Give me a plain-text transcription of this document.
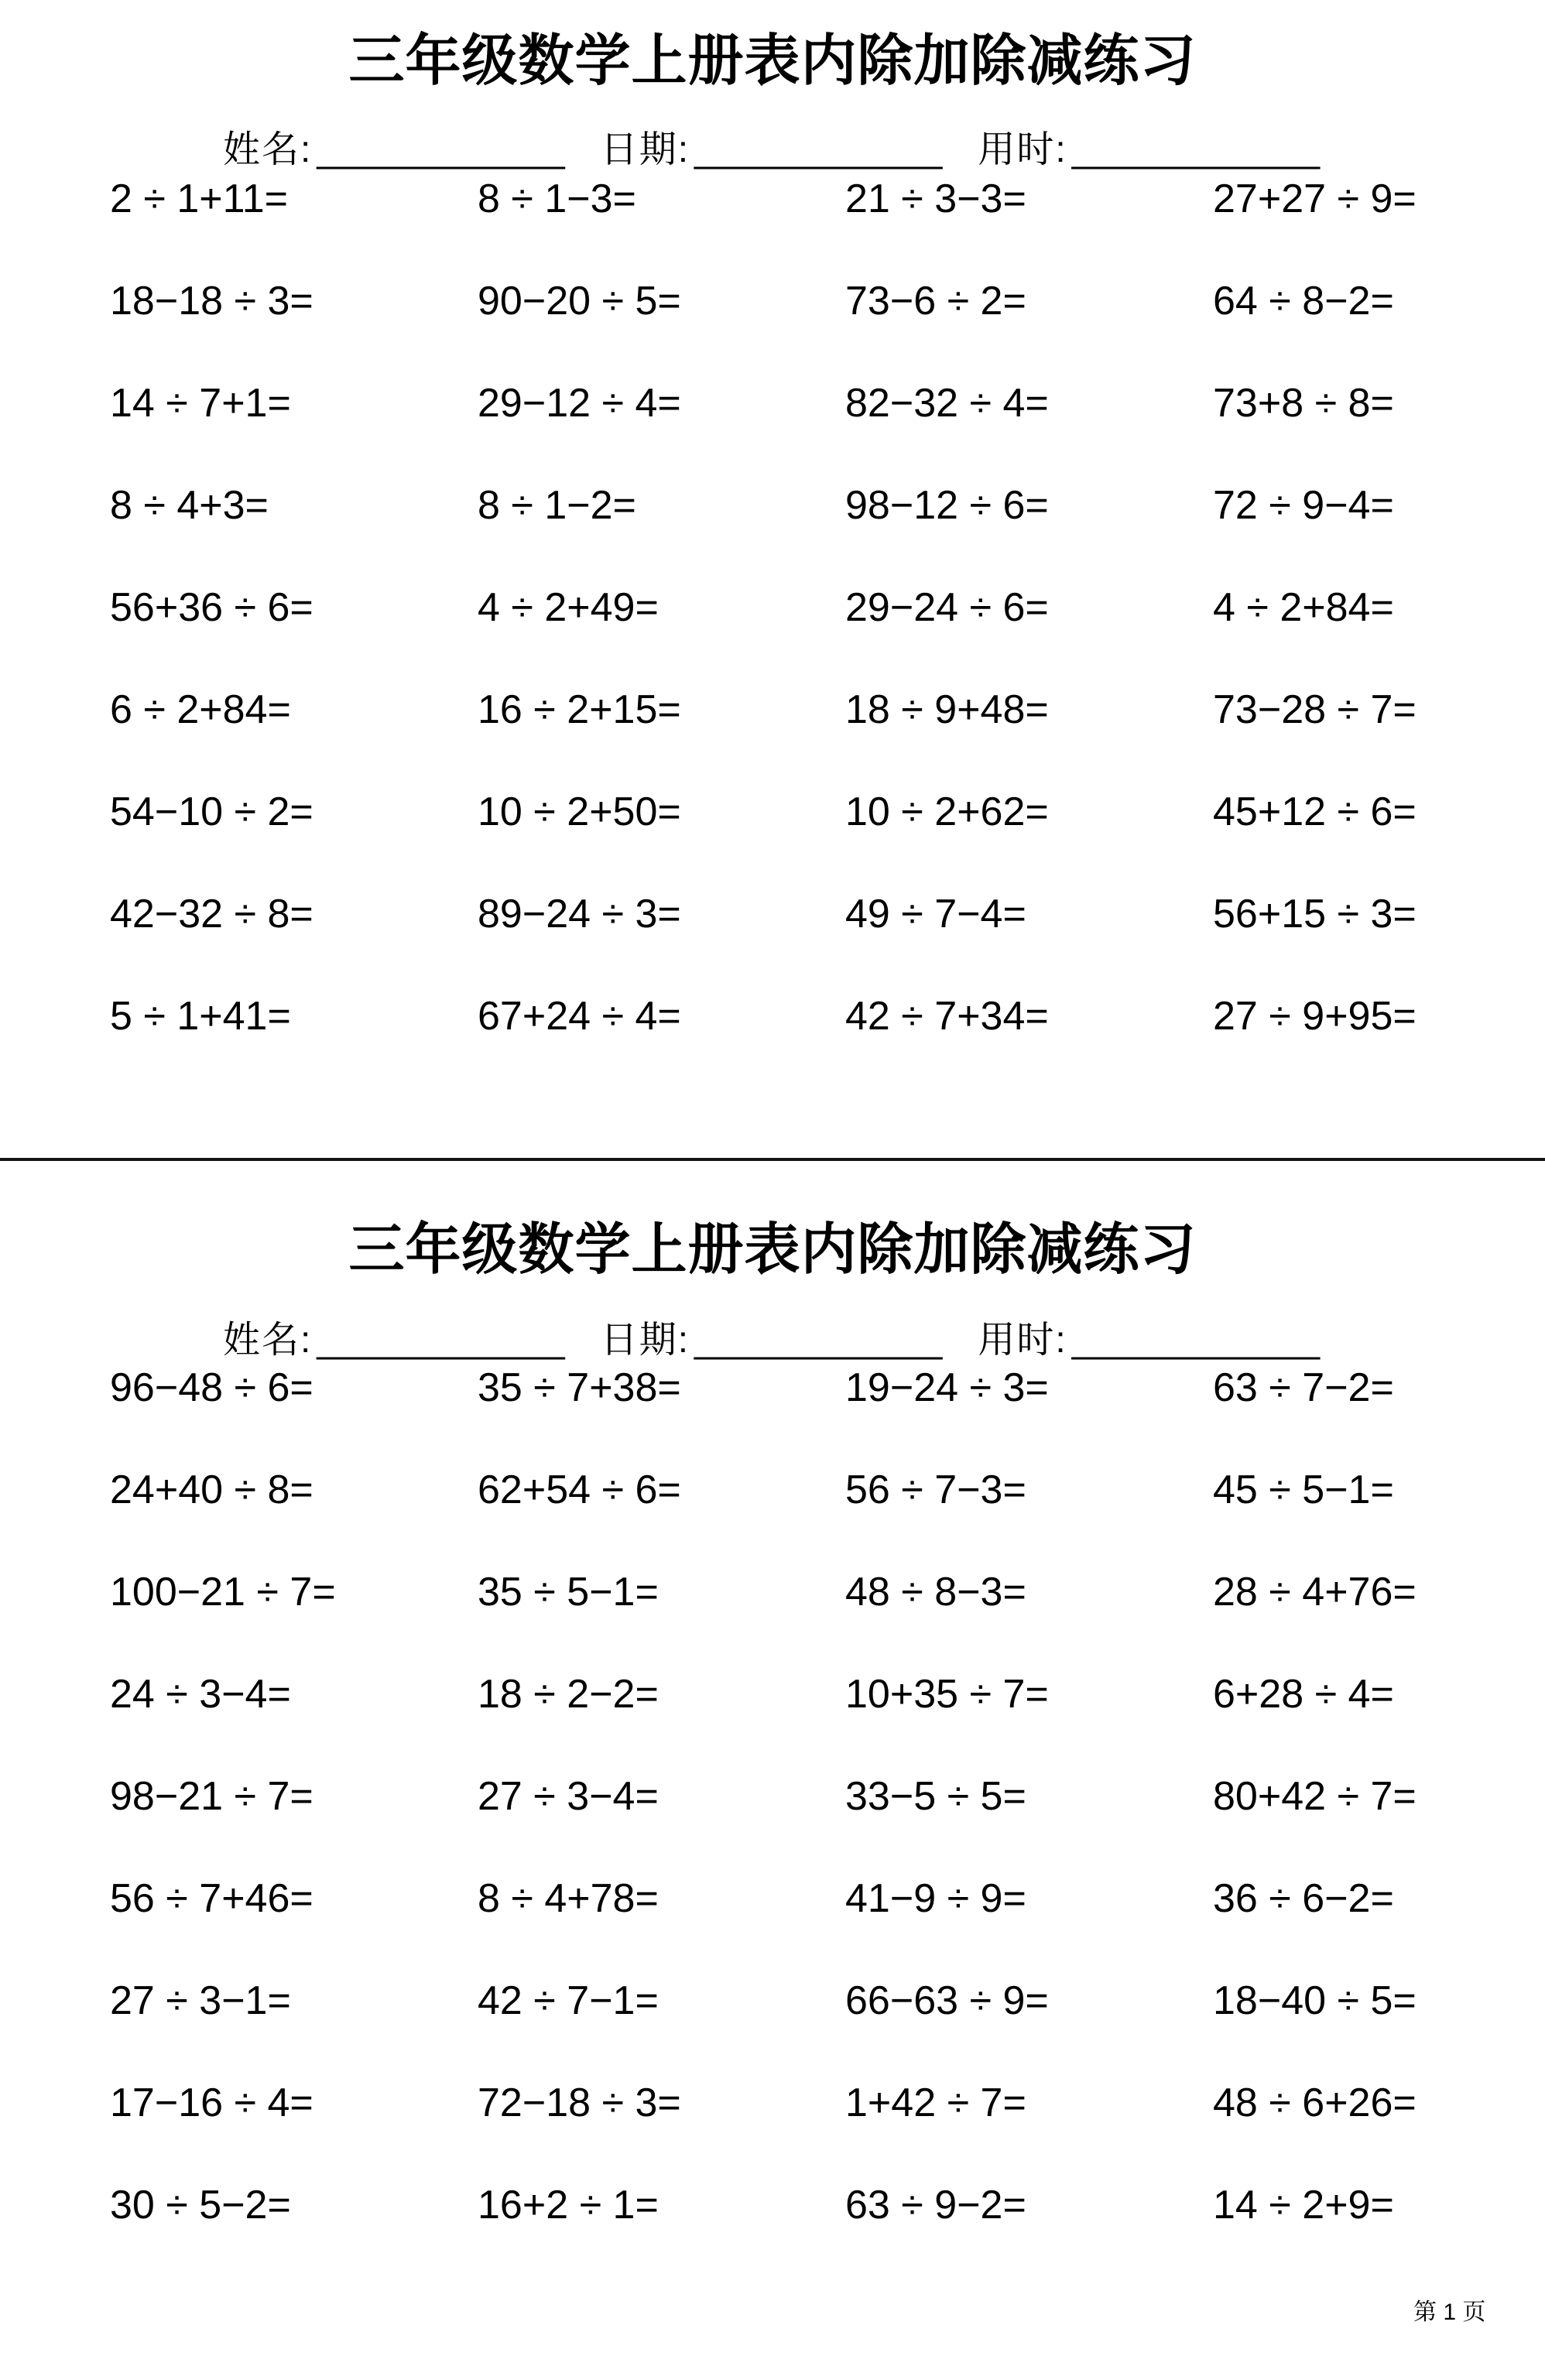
三年级数学上册表内除加除减练习
姓名: ____________ 日期: ____________ 用时: ____________
2 ÷ 1+11=	8 ÷ 1−3=	21 ÷ 3−3=	27+27 ÷ 9=
18−18 ÷ 3=	90−20 ÷ 5=	73−6 ÷ 2=	64 ÷ 8−2=
14 ÷ 7+1=	29−12 ÷ 4=	82−32 ÷ 4=	73+8 ÷ 8=
8 ÷ 4+3=	8 ÷ 1−2=	98−12 ÷ 6=	72 ÷ 9−4=
56+36 ÷ 6=	4 ÷ 2+49=	29−24 ÷ 6=	4 ÷ 2+84=
6 ÷ 2+84=	16 ÷ 2+15=	18 ÷ 9+48=	73−28 ÷ 7=
54−10 ÷ 2=	10 ÷ 2+50=	10 ÷ 2+62=	45+12 ÷ 6=
42−32 ÷ 8=	89−24 ÷ 3=	49 ÷ 7−4=	56+15 ÷ 3=
5 ÷ 1+41=	67+24 ÷ 4=	42 ÷ 7+34=	27 ÷ 9+95=
三年级数学上册表内除加除减练习
姓名: ____________ 日期: ____________ 用时: ____________
96−48 ÷ 6=	35 ÷ 7+38=	19−24 ÷ 3=	63 ÷ 7−2=
24+40 ÷ 8=	62+54 ÷ 6=	56 ÷ 7−3=	45 ÷ 5−1=
100−21 ÷ 7=	35 ÷ 5−1=	48 ÷ 8−3=	28 ÷ 4+76=
24 ÷ 3−4=	18 ÷ 2−2=	10+35 ÷ 7=	6+28 ÷ 4=
98−21 ÷ 7=	27 ÷ 3−4=	33−5 ÷ 5=	80+42 ÷ 7=
56 ÷ 7+46=	8 ÷ 4+78=	41−9 ÷ 9=	36 ÷ 6−2=
27 ÷ 3−1=	42 ÷ 7−1=	66−63 ÷ 9=	18−40 ÷ 5=
17−16 ÷ 4=	72−18 ÷ 3=	1+42 ÷ 7=	48 ÷ 6+26=
30 ÷ 5−2=	16+2 ÷ 1=	63 ÷ 9−2=	14 ÷ 2+9=
第 1 页
